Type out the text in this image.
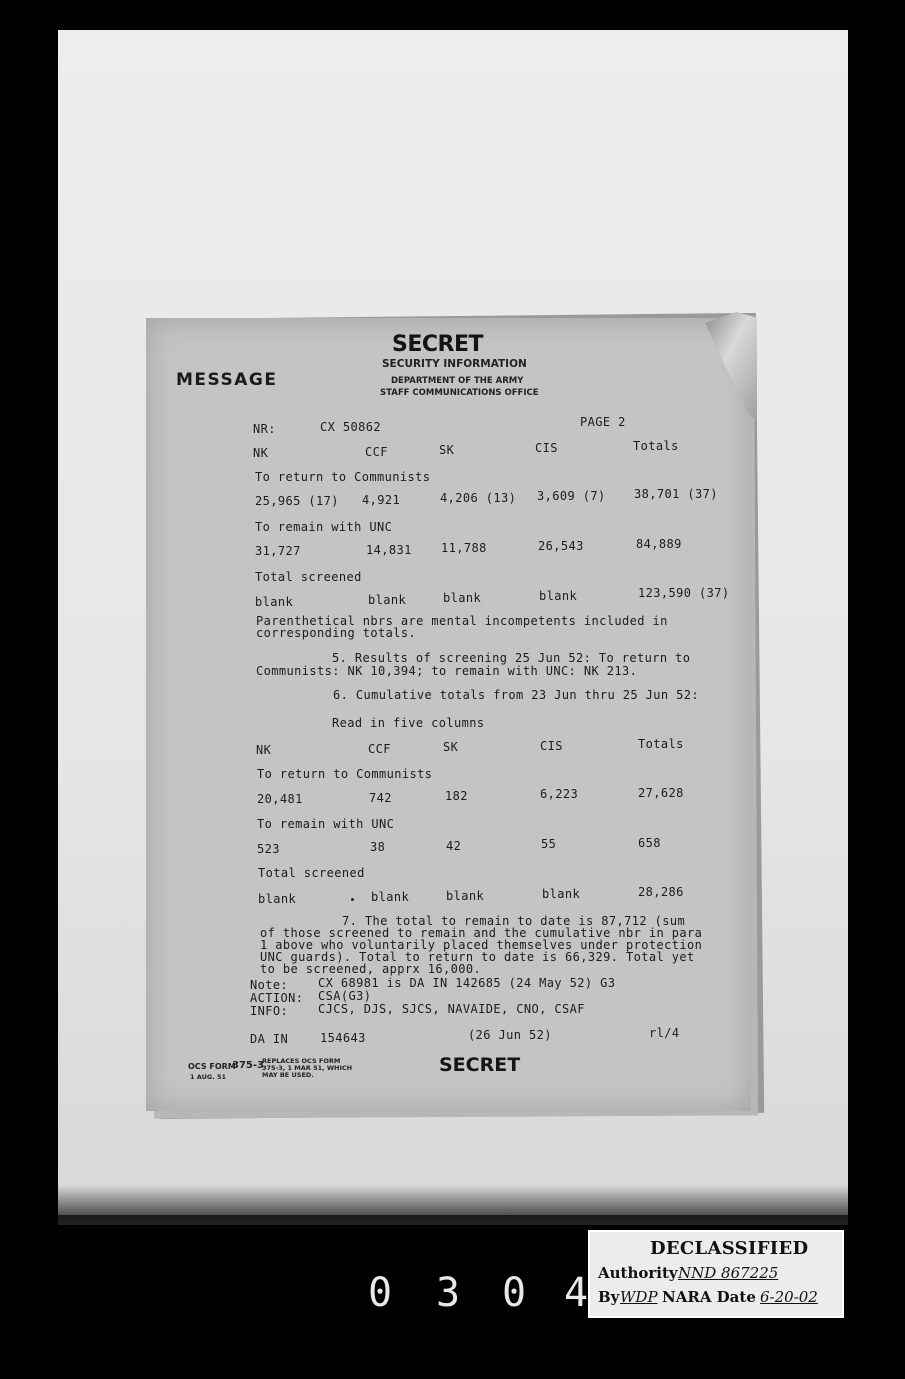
SECRET
SECURITY INFORMATION
DEPARTMENT OF THE ARMY
STAFF COMMUNICATIONS OFFICE
MESSAGE
NR:	CX 50862	PAGE 2
NK	CCF	SK	CIS	Totals
To return to Communists
25,965 (17) 4,921	4,206 (13) 3,609 (7) 38,701 (37)
To remain with UNC
31,727	14,831 11,788	26,543	84,889
Total screened
blank	blank	blank	blank	123,590 (37)
Parenthetical nbrs are mental incompetents included in
corresponding totals.
5. Results of screening 25 Jun 52: To return to
Communists: NK 10,394; to remain with UNC: NK 213.
6. Cumulative totals from 23 Jun thru 25 Jun 52:
Read in five columns
NK	CCF	SK	CIS	Totals
To return to Communists
20,481	742	182	6,223	27,628
To remain with UNC
523	38	42	55	658
Total screened
blank	blank	blank	blank	28,286
7. The total to remain to date is 87,712 (sum
of those screened to remain and the cumulative nbr in para
1 above who voluntarily placed themselves under protection
UNC guards). Total to return to date is 66,329. Total yet
to be screened, apprx 16,000.
Note: CX 68981 is DA IN 142685 (24 May 52) G3
ACTION: CSA(G3)
INFO: CJCS, DJS, SJCS, NAVAIDE, CNO, CSAF
DA IN	154643	(26 Jun 52)	rl/4
OCS FORM
375-3
1 AUG. 51
REPLACES OCS FORM
375-3, 1 MAR 51, WHICH
MAY BE USED.	SECRET
0 3 0 4
DECLASSIFIED
Authority NND 867225
By WDP NARA Date 6-20-02
